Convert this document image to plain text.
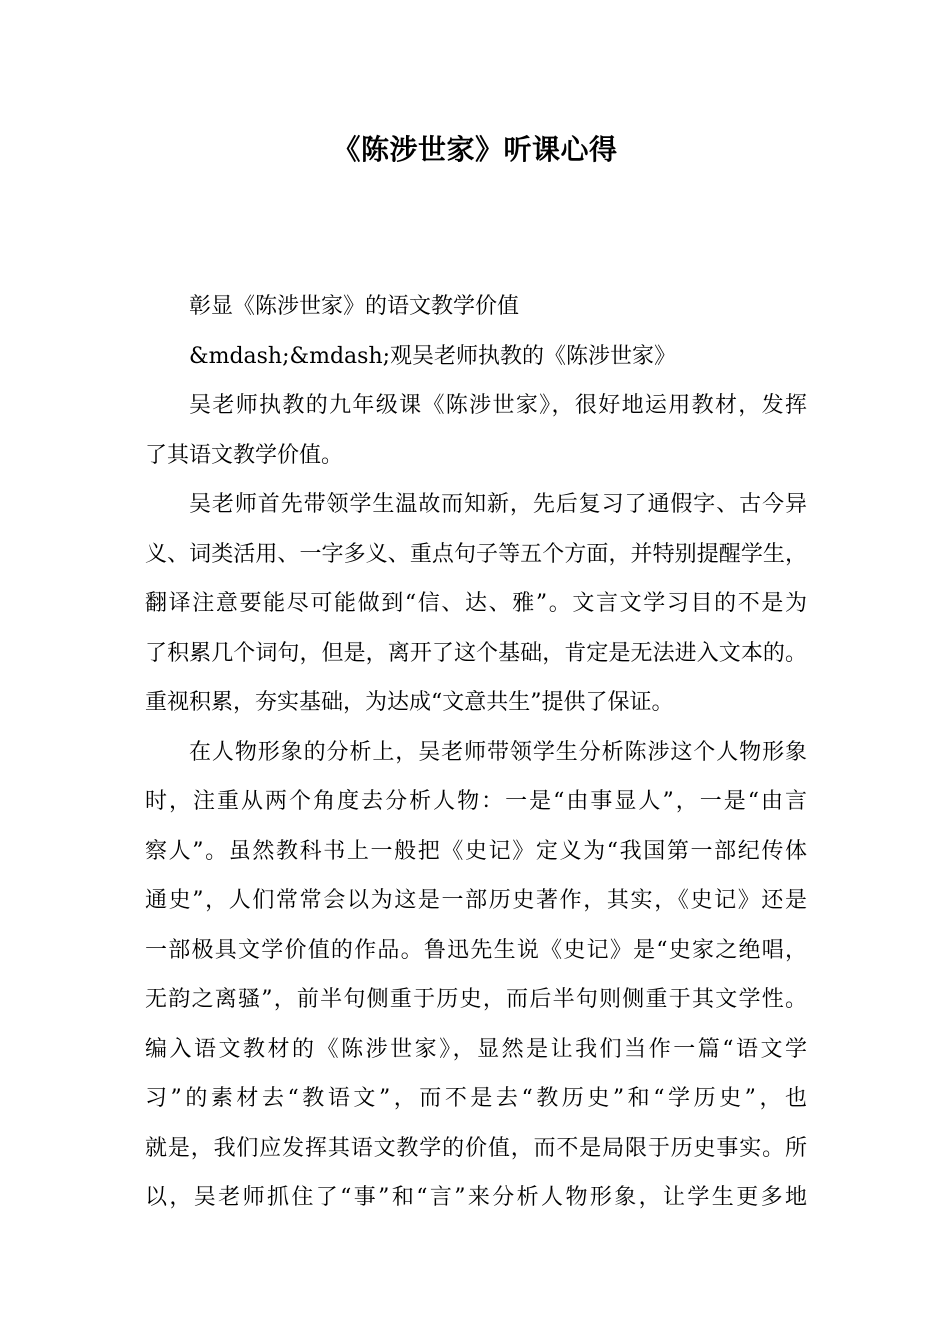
《陈涉世家》听课心得
彰显《陈涉世家》的语文教学价值
&mdash;&mdash;观吴老师执教的《陈涉世家》
吴老师执教的九年级课《陈涉世家》，很好地运用教材，发挥
了其语文教学价值。
吴老师首先带领学生温故而知新，先后复习了通假字、古今异
义、词类活用、一字多义、重点句子等五个方面，并特别提醒学生，
翻译注意要能尽可能做到“信、达、雅”。文言文学习目的不是为
了积累几个词句，但是，离开了这个基础，肯定是无法进入文本的。
重视积累，夯实基础，为达成“文意共生”提供了保证。
在人物形象的分析上，吴老师带领学生分析陈涉这个人物形象
时，注重从两个角度去分析人物：一是“由事显人”，一是“由言
察人”。虽然教科书上一般把《史记》定义为“我国第一部纪传体
通史”，人们常常会以为这是一部历史著作，其实，《史记》还是
一部极具文学价值的作品。鲁迅先生说《史记》是“史家之绝唱，
无韵之离骚”，前半句侧重于历史，而后半句则侧重于其文学性。
编入语文教材的《陈涉世家》，显然是让我们当作一篇“语文学
习”的素材去“教语文”，而不是去“教历史”和“学历史”，也
就是，我们应发挥其语文教学的价值，而不是局限于历史事实。所
以，吴老师抓住了“事”和“言”来分析人物形象，让学生更多地
